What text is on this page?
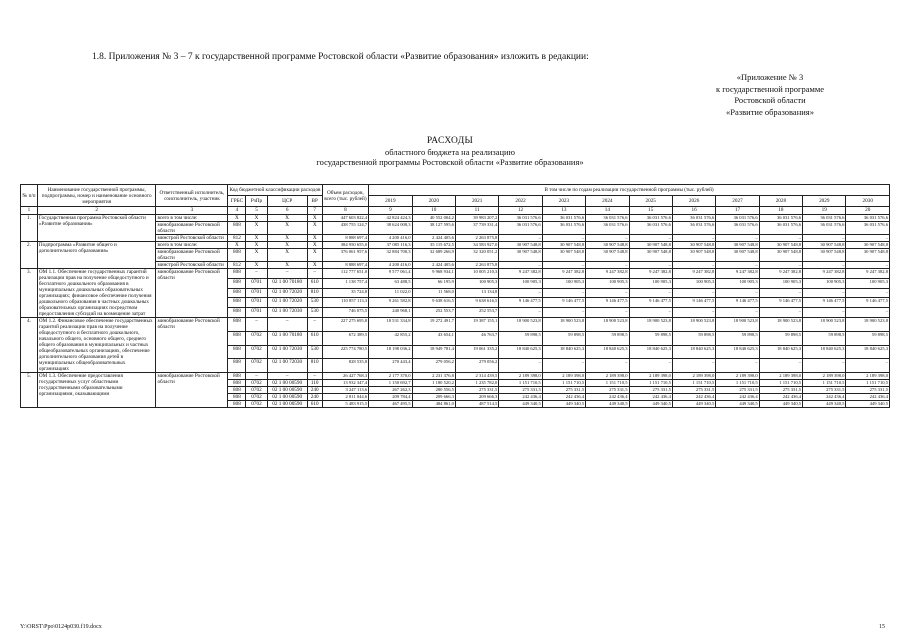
1.8. Приложения № 3 – 7 к государственной программе Ростовской области «Развитие образования» изложить в редакции:
«Приложение № 3
к государственной программе
Ростовской области
«Развитие образования»
РАСХОДЫ
областного бюджета на реализацию
государственной программы Ростовской области «Развитие образования»
№ п/п	Наименование государственной программы, подпрограммы, номер и наименование основного мероприятия	Ответственный исполнитель, соисполнитель, участник	Код бюджетной классификации расходов				Объем расходов, всего (тыс. рублей)	В том числе по годам реализации государственной программы (тыс. рублей)											

			ГРБС	РзПр	ЦСР	ВР		2019	2020	2021	2022	2023	2024	2025	2026	2027	2028	2029	2030
1	2	3	4	5	6	7	8	9	10	11	12	13	14	15	16	17	18	19	20
1.	Государственная программа Ростовской области «Развитие образования»	всего в том числе:	X	X	X	X	447 603 822,4	42 824 424,3	40 552 004,2	39 983 207,2	36 031 576,6	36 031 576,6	36 031 576,6	36 031 576,6	36 031 576,6	36 031 576,6	36 031 576,6	36 031 576,6	36 031 576,6
		минобразование Ростовской области	808	X	X	X	438 755 124,7	38 624 008,3	38 127 595,6	37 739 331,4	36 031 576,6	36 031 576,6	36 031 576,6	36 031 576,6	36 031 576,6	36 031 576,6	36 031 576,6	36 031 576,6	36 031 576,6
		минстрой Ростовской области	812	X	X	X	8 888 697,4	4 200 416,0	2 424 405,6	2 263 875,8	–	–	–	–	–	–	–	–	–
2.	Подпрограмма «Развитие общего и дополнительного образования»	всего в том числе:	X	X	X	X	384 950 655,0	37 085 116,3	35 115 672,5	34 583 927,0	30 907 548,8	30 907 548,8	30 907 548,8	30 907 548,8	30 907 548,8	30 907 548,8	30 907 548,8	30 907 548,8	30 907 548,8
		минобразование Ростовской области	808	X	X	X	376 061 957,6	32 884 700,3	32 689 266,9	32 320 051,2	30 907 548,8	30 907 548,8	30 907 548,8	30 907 548,8	30 907 548,8	30 907 548,8	30 907 548,8	30 907 548,8	30 907 548,8
		минстрой Ростовской области	812	X	X	X	8 888 697,4	4 200 416,0	2 424 405,6	2 263 875,8	–	–	–	–	–	–	–	–	–
3.	ОМ 1.1. Обеспечение государственных гарантий реализации прав на получение общедоступного и бесплатного дошкольного образования в муниципальных дошкольных образовательных организациях; финансовое обеспечение получения дошкольного образования в частных дошкольных образовательных организациях посредством предоставления субсидий на возмещение затрат	минобразование Ростовской области	808	–	–	–	112 777 651,0	9 577 061,4	9 968 934,1	10 005 210,3	9 247 382,8	9 247 382,8	9 247 382,8	9 247 382,8	9 247 382,8	9 247 382,8	9 247 382,8	9 247 382,8	9 247 382,8
			808	0701	02 1 00 70180	610	1 138 757,4	63 488,5	66 195,9	100 905,3	100 905,3	100 905,3	100 905,3	100 905,3	100 905,3	100 905,3	100 905,3	100 905,3	100 905,3
			808	0701	02 1 00 72020	810	35 724,8	11 022,0	11 568,0	13 134,8	–	–	–	–	–	–	–	–	–
			808	0701	02 1 00 72020	530	110 857 113,3	9 261 582,8	9 638 616,5	9 638 616,5	9 146 477,5	9 146 477,5	9 146 477,5	9 146 477,5	9 146 477,5	9 146 477,5	9 146 477,5	9 146 477,5	9 146 477,5
			808	0701	02 1 00 72030	530	746 075,5	240 968,1	252 553,7	252 553,7	–	–	–	–	–	–	–	–	–
4.	ОМ 1.2. Финансовое обеспечение государственных гарантий реализации прав на получение общедоступного и бесплатного дошкольного, начального общего, основного общего, среднего общего образования в муниципальных и частных общеобразовательных организациях, обеспечение дополнительного образования детей в муниципальных общеобразовательных организациях	минобразование Ростовской области	808	–	–	–	227 275 695,8	18 531 334,8	19 272 491,7	19 387 155,1	18 900 523,8	18 900 523,8	18 900 523,8	18 900 523,8	18 900 523,8	18 900 523,8	18 900 523,8	18 900 523,8	18 900 523,8
			808	0702	02 1 00 70180	610	672 389,5	42 855,2	43 654,1	46 763,7	59 898,5	59 898,5	59 898,5	59 898,5	59 898,5	59 898,5	59 898,5	59 898,5	59 898,5
			808	0702	02 1 00 72030	530	225 774 780,5	18 198 036,2	18 949 781,4	19 061 335,2	18 840 625,3	18 840 625,3	18 840 625,3	18 840 625,3	18 840 625,3	18 840 625,3	18 840 625,3	18 840 625,3	18 840 625,3
			808	0702	02 1 00 72030	810	828 535,8	270 443,4	279 056,2	279 056,2	–	–	–	–	–	–	–	–	–
5.	ОМ 1.3. Обеспечение предоставления государственных услуг областными государственными образовательными организациями, оказывающими	минобразование Ростовской области	808	–	–	–	26 427 768,3	2 177 370,0	2 231 376,8	2 314 439,5	2 189 398,0	2 189 398,0	2 189 398,0	2 189 398,0	2 189 398,0	2 189 398,0	2 189 398,0	2 189 398,0	2 189 398,0
			808	0702	02 1 00 00590	110	13 932 347,4	1 150 692,7	1 180 520,2	1 235 782,0	1 151 710,5	1 151 710,5	1 151 710,5	1 151 710,5	1 151 710,5	1 151 710,5	1 151 710,5	1 151 710,5	1 151 710,5
			808	0702	02 1 00 00590	240	3 247 113,6	267 262,3	280 556,5	275 331,5	275 331,5	275 331,5	275 331,5	275 331,5	275 331,5	275 331,5	275 331,5	275 331,5	275 331,5
			808	0702	02 1 00 00590	240	2 811 044,6	209 784,4	209 666,3	209 666,3	242 436,4	242 436,4	242 436,4	242 436,4	242 436,4	242 436,4	242 436,4	242 436,4	242 436,4
			808	0702	02 1 00 00590	610	5 483 915,5	467 495,5	484 861,0	487 514,5	449 340,5	449 340,5	449 340,5	449 340,5	449 340,5	449 340,5	449 340,5	449 340,5	449 340,5
Y:\ORST\Ppo\0124p030.f19.docx	15
